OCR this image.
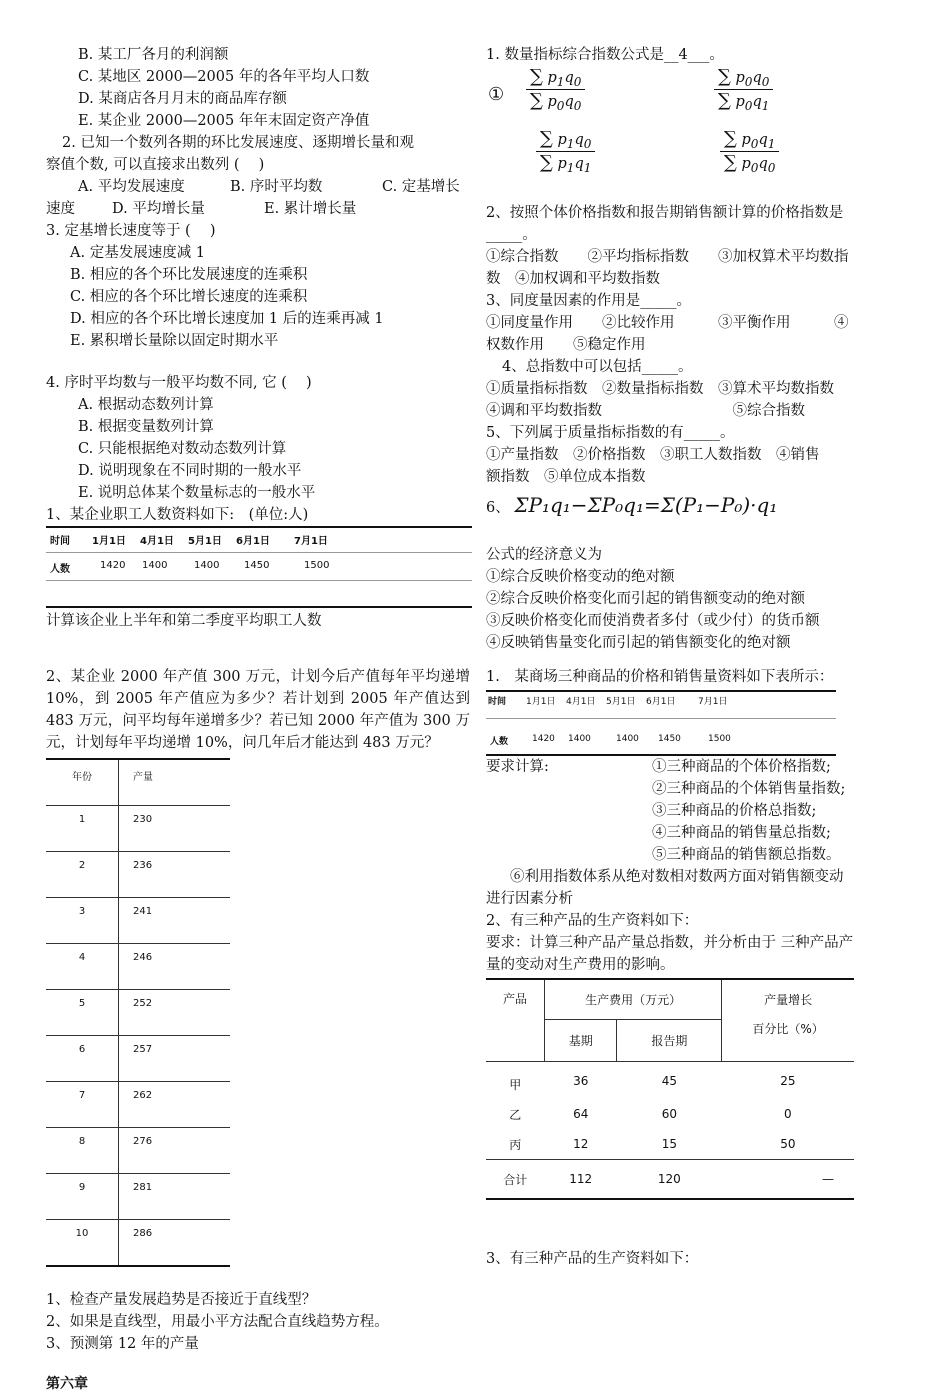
B. 某工厂各月的利润额
C. 某地区 2000—2005 年的各年平均人口数
D. 某商店各月月末的商品库存额
E. 某企业 2000—2005 年年末固定资产净值
2. 已知一个数列各期的环比发展速度、逐期增长量和观
察值个数, 可以直接求出数列 (　 )
A. 平均发展速度	B. 序时平均数	C. 定基增长
速度	D. 平均增长量	E. 累计增长量
3. 定基增长速度等于 (　 )
A. 定基发展速度减 1
B. 相应的各个环比发展速度的连乘积
C. 相应的各个环比增长速度的连乘积
D. 相应的各个环比增长速度加 1 后的连乘再减 1
E. 累积增长量除以固定时期水平
4. 序时平均数与一般平均数不同, 它 (　 )
A. 根据动态数列计算
B. 根据变量数列计算
C. 只能根据绝对数动态数列计算
D. 说明现象在不同时期的一般水平
E. 说明总体某个数量标志的一般水平
1、某企业职工人数资料如下:　(单位:人)
时间 1月1日 4月1日 5月1日 6月1日 7月1日
人数	1420 1400	1400 1450	1500
计算该企业上半年和第二季度平均职工人数
2、某企业 2000 年产值 300 万元，计划今后产值每年平均递增 10%，到 2005 年产值应为多少？若计划到 2005 年产值达到 483 万元，问平均每年递增多少？若已知 2000 年产值为 300 万元，计划每年平均递增 10%，问几年后才能达到 483 万元？
年份	产量
1	230
2	236
3	241
4	246
5	252
6	257
7	262
8	276
9	281
10	286
1、检查产量发展趋势是否接近于直线型？
2、如果是直线型，用最小平方法配合直线趋势方程。
3、预测第 12 年的产量
第六章
1. 数量指标综合指数公式是__4___。
① $\frac{\sum p_1q_0}{\sum p_0q_0}$	$\frac{\sum p_0q_0}{\sum p_0q_1}$
$\frac{\sum p_1q_0}{\sum p_1q_1}$	$\frac{\sum p_0q_1}{\sum p_0q_0}$
2、按照个体价格指数和报告期销售额计算的价格指数是
_____。
①综合指数　　②平均指标指数　　③加权算术平均数指
数　④加权调和平均数指数
3、同度量因素的作用是_____。
①同度量作用　　②比较作用　　　③平衡作用　　　④
权数作用　　⑤稳定作用
4、总指数中可以包括_____。
①质量指标指数　②数量指标指数　③算术平均数指数
④调和平均数指数　　　　　　　　　⑤综合指数
5、下列属于质量指标指数的有_____。
①产量指数　②价格指数　③职工人数指数　④销售
额指数　⑤单位成本指数
6、 ΣP₁q₁−ΣP₀q₁=Σ(P₁−P₀)·q₁
公式的经济意义为
①综合反映价格变动的绝对额
②综合反映价格变化而引起的销售额变动的绝对额
③反映价格变化而使消费者多付（或少付）的货币额
④反映销售量变化而引起的销售额变化的绝对额
1.　某商场三种商品的价格和销售量资料如下表所示：
时间 1月1日 4月1日 5月1日 6月1日	7月1日
人数	1420 1400	1400 1450	1500
要求计算:	①三种商品的个体价格指数;
②三种商品的个体销售量指数;
③三种商品的价格总指数;
④三种商品的销售量总指数;
⑤三种商品的销售额总指数。
⑥利用指数体系从绝对数相对数两方面对销售额变动
进行因素分析
2、有三种产品的生产资料如下：
要求：计算三种产品产量总指数，并分析由于 三种产品产
量的变动对生产费用的影响。
产品	生产费用（万元）		产量增长
	基期	报告期	百分比（%）
甲	36	45	25
乙	64	60	0
丙	12	15	50
合计	112	120	—
3、有三种产品的生产资料如下：
